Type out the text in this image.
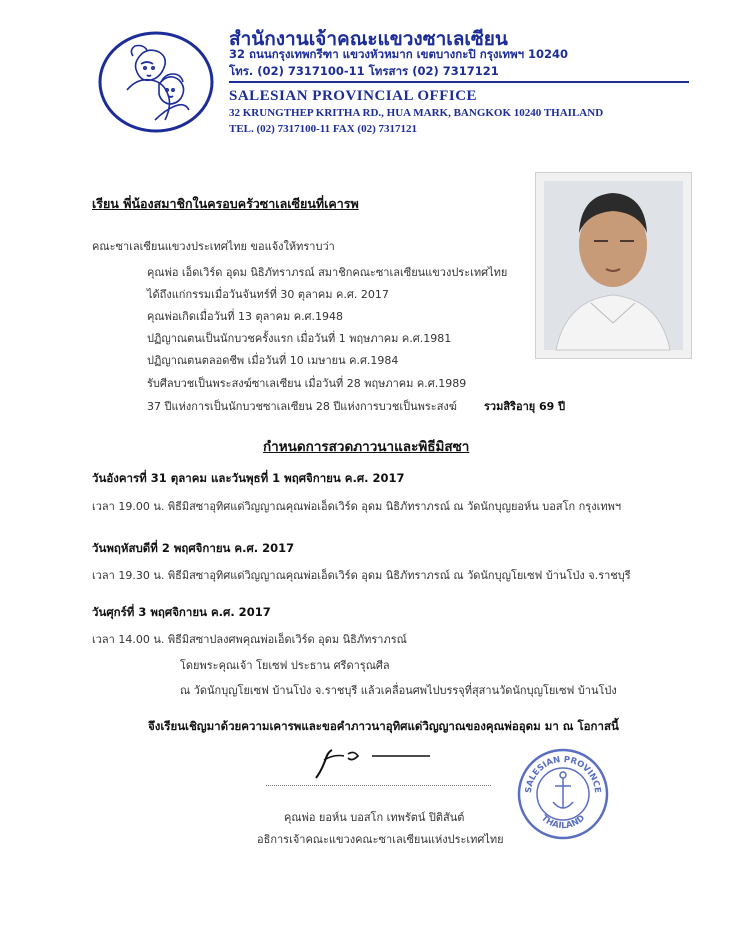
สำนักงานเจ้าคณะแขวงซาเลเซียน
32 ถนนกรุงเทพกรีฑา แขวงหัวหมาก เขตบางกะปิ กรุงเทพฯ 10240
โทร. (02) 7317100-11 โทรสาร (02) 7317121
SALESIAN PROVINCIAL OFFICE
32 KRUNGTHEP KRITHA RD., HUA MARK, BANGKOK 10240 THAILAND
TEL. (02) 7317100-11 FAX (02) 7317121
เรียน พี่น้องสมาชิกในครอบครัวซาเลเซียนที่เคารพ
คณะซาเลเซียนแขวงประเทศไทย ขอแจ้งให้ทราบว่า
คุณพ่อ เอ็ดเวิร์ด อุดม นิธิภัทราภรณ์ สมาชิกคณะซาเลเซียนแขวงประเทศไทย
ได้ถึงแก่กรรมเมื่อวันจันทร์ที่ 30 ตุลาคม ค.ศ. 2017
คุณพ่อเกิดเมื่อวันที่ 13 ตุลาคม ค.ศ.1948
ปฏิญาณตนเป็นนักบวชครั้งแรก เมื่อวันที่ 1 พฤษภาคม ค.ศ.1981
ปฏิญาณตนตลอดชีพ เมื่อวันที่ 10 เมษายน ค.ศ.1984
รับศีลบวชเป็นพระสงฆ์ซาเลเซียน เมื่อวันที่ 28 พฤษภาคม ค.ศ.1989
37 ปีแห่งการเป็นนักบวชซาเลเซียน 28 ปีแห่งการบวชเป็นพระสงฆ์ รวมสิริอายุ 69 ปี
กำหนดการสวดภาวนาและพิธีมิสซา
วันอังคารที่ 31 ตุลาคม และวันพุธที่ 1 พฤศจิกายน ค.ศ. 2017
เวลา 19.00 น. พิธีมิสซาอุทิศแด่วิญญาณคุณพ่อเอ็ดเวิร์ด อุดม นิธิภัทราภรณ์ ณ วัดนักบุญยอห์น บอสโก กรุงเทพฯ
วันพฤหัสบดีที่ 2 พฤศจิกายน ค.ศ. 2017
เวลา 19.30 น. พิธีมิสซาอุทิศแด่วิญญาณคุณพ่อเอ็ดเวิร์ด อุดม นิธิภัทราภรณ์ ณ วัดนักบุญโยเซฟ บ้านโป่ง จ.ราชบุรี
วันศุกร์ที่ 3 พฤศจิกายน ค.ศ. 2017
เวลา 14.00 น. พิธีมิสซาปลงศพคุณพ่อเอ็ดเวิร์ด อุดม นิธิภัทราภรณ์
โดยพระคุณเจ้า โยเซฟ ประธาน ศรีดารุณศีล
ณ วัดนักบุญโยเซฟ บ้านโป่ง จ.ราชบุรี แล้วเคลื่อนศพไปบรรจุที่สุสานวัดนักบุญโยเซฟ บ้านโป่ง
จึงเรียนเชิญมาด้วยความเคารพและขอคำภาวนาอุทิศแด่วิญญาณของคุณพ่ออุดม มา ณ โอกาสนี้
คุณพ่อ ยอห์น บอสโก เทพรัตน์ ปิติสันต์
อธิการเจ้าคณะแขวงคณะซาเลเซียนแห่งประเทศไทย
SALESIAN PROVINCE
THAILAND
